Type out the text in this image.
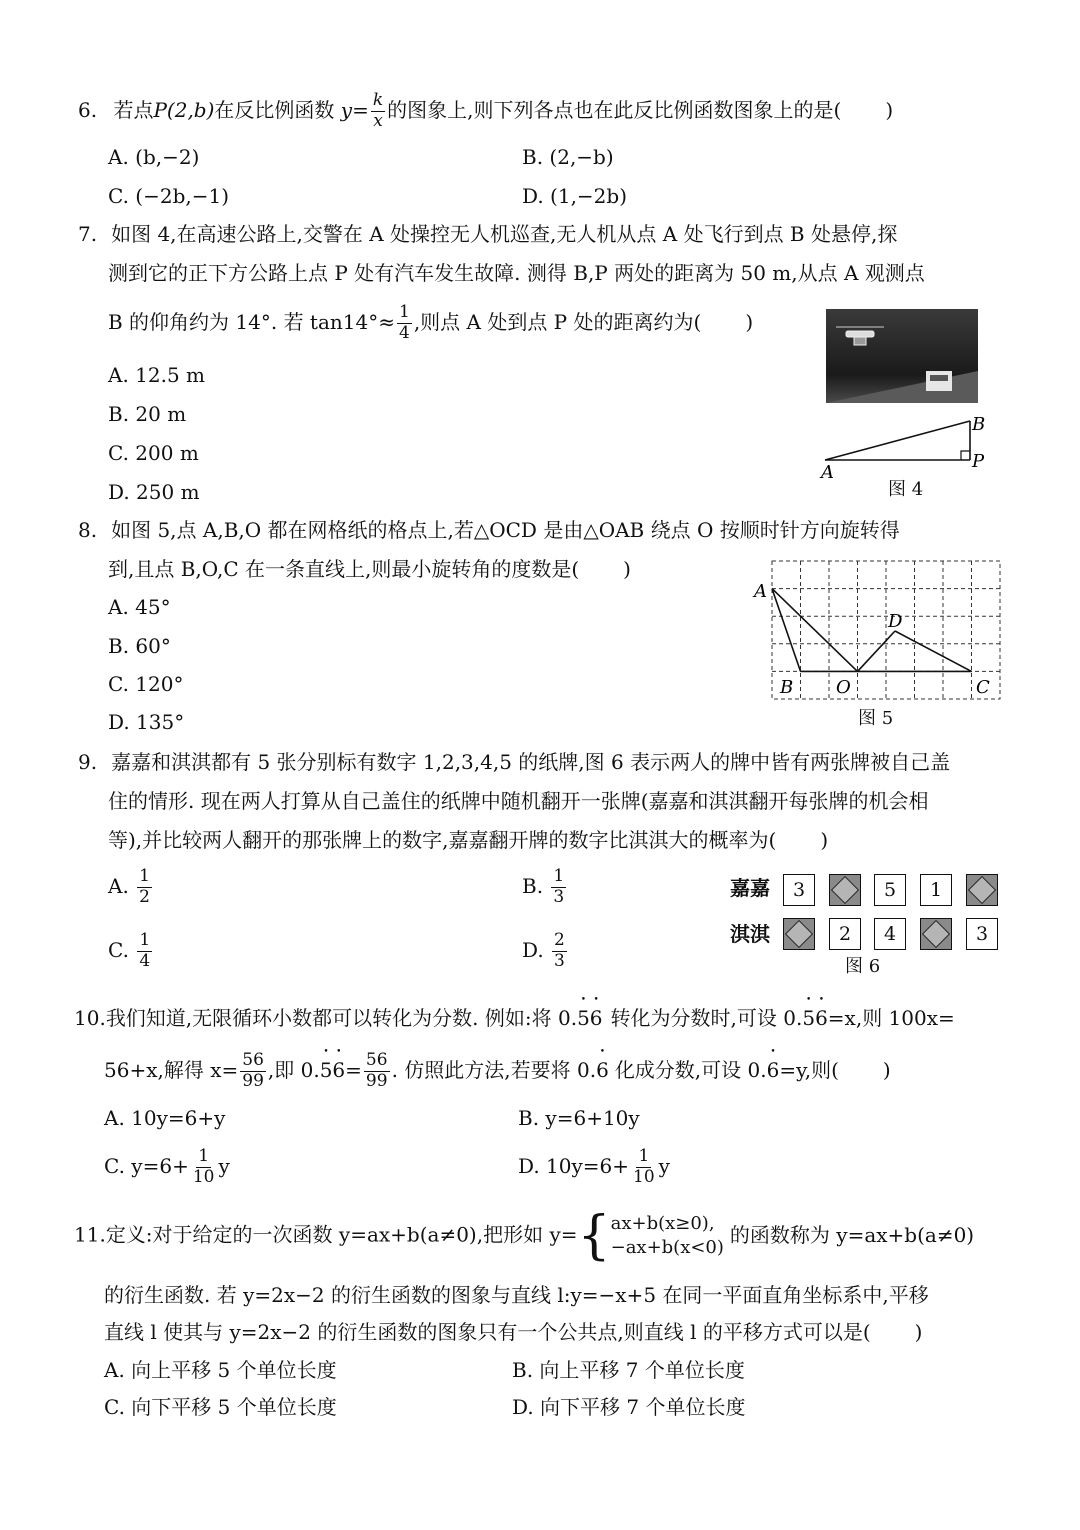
6. 若点P(2,b)在反比例函数 $y= \frac{k}{x}$ 的图象上,则下列各点也在此反比例函数图象上的是( )
A. (b,−2)	B. (2,−b)
C. (−2b,−1)	D. (1,−2b)
7. 如图 4,在高速公路上,交警在 A 处操控无人机巡查,无人机从点 A 处飞行到点 B 处悬停,探
测到它的正下方公路上点 P 处有汽车发生故障. 测得 B,P 两处的距离为 50 m,从点 A 观测点
B 的仰角约为 14°. 若 $\tan 14^\circ\approx \frac{1}{4}$ ,则点 A 处到点 P 处的距离约为( )
A. 12.5 m
B. 20 m
C. 200 m
D. 250 m
A
B
P
图 4
8. 如图 5,点 A,B,O 都在网格纸的格点上,若△OCD 是由△OAB 绕点 O 按顺时针方向旋转得
到,且点 B,O,C 在一条直线上,则最小旋转角的度数是( )
A. 45°
B. 60°
C. 120°
D. 135°
A
B O	C
D
图 5
9. 嘉嘉和淇淇都有 5 张分别标有数字 1,2,3,4,5 的纸牌,图 6 表示两人的牌中皆有两张牌被自己盖
住的情形. 现在两人打算从自己盖住的纸牌中随机翻开一张牌(嘉嘉和淇淇翻开每张牌的机会相
等),并比较两人翻开的那张牌上的数字,嘉嘉翻开牌的数字比淇淇大的概率为( )
A. $\frac{1}{2}$	B. $\frac{1}{3}$
C. $\frac{1}{4}$	D. $\frac{2}{3}$
嘉嘉	3	5	1
淇淇	2	4	3
图 6
10.我们知道,无限循环小数都可以转化为分数. 例如:将 0.• 5• 6 转化为分数时,可设 0.• 5• 6=x,则 100x=
56+x,解得 $x= \frac{56}{99}$ ,即 0.• 5• $6= \frac{56}{99}$ . 仿照此方法,若要将 0.• 6 化成分数,可设 0.• 6=y,则( )
A. 10y=6+y	B. y=6+10y
C. $y=6+ \frac{1}{10}$ y	D. $10y=6+ \frac{1}{10}$ y
11.定义:对于给定的一次函数 y=ax+b(a≠0),把形如 y={ ax+b(x≥0),
−ax+b(x<0)
的函数称为 y=ax+b(a≠0)
的衍生函数. 若 y=2x−2 的衍生函数的图象与直线 l:y=−x+5 在同一平面直角坐标系中,平移
直线 l 使其与 y=2x−2 的衍生函数的图象只有一个公共点,则直线 l 的平移方式可以是( )
A. 向上平移 5 个单位长度	B. 向上平移 7 个单位长度
C. 向下平移 5 个单位长度	D. 向下平移 7 个单位长度
